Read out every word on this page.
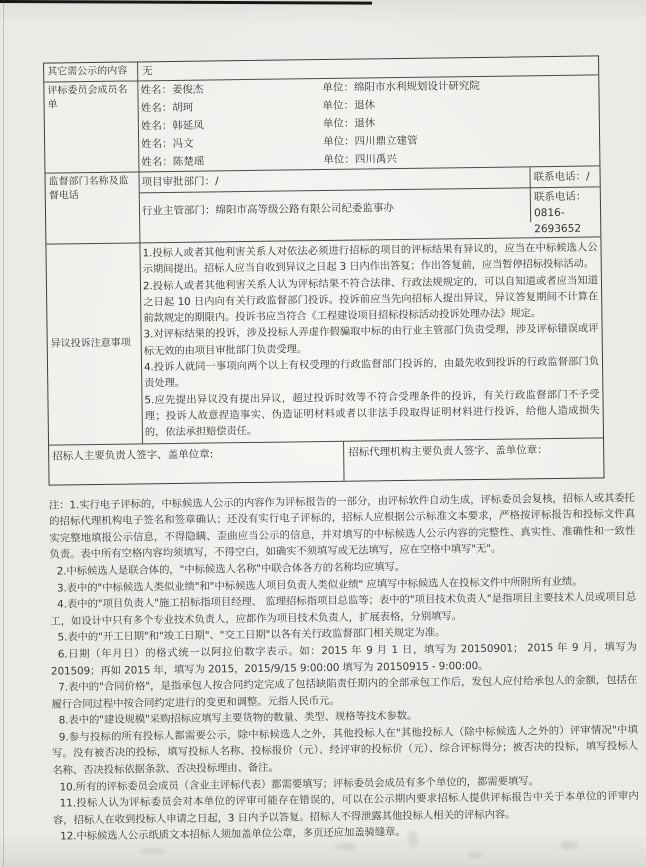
其它需公示的内容	无
评标委员会成员名单
姓名：姜俊杰	单位：绵阳市水利规划设计研究院
姓名：胡珂	单位：退休
姓名：韩延凤	单位：退休
姓名：冯文	单位：四川鼎立建管
姓名：陈楚瑶	单位：四川禹兴
监督部门名称及监督电话
项目审批部门：/	联系电话：/
行业主管部门：绵阳市高等级公路有限公司纪委监事办
联系电话：
0816-2693652
异议投诉注意事项
1.投标人或者其他利害关系人对依法必须进行招标的项目的评标结果有异议的，应当在中标候选人公示期间提出。招标人应当自收到异议之日起 3 日内作出答复；作出答复前，应当暂停招标投标活动。
2.投标人或者其他利害关系人认为评标结果不符合法律、行政法规规定的，可以自知道或者应当知道之日起 10 日内向有关行政监督部门投诉。投诉前应当先向招标人提出异议，异议答复期间不计算在前款规定的期限内。投诉书应当符合《工程建设项目招标投标活动投诉处理办法》规定。
3.对评标结果的投诉，涉及投标人弄虚作假骗取中标的由行业主管部门负责受理，涉及评标错误或评标无效的由项目审批部门负责受理。
4.投诉人就同一事项向两个以上有权受理的行政监督部门投诉的，由最先收到投诉的行政监督部门负责处理。
5.应先提出异议没有提出异议，超过投诉时效等不符合受理条件的投诉，有关行政监督部门不予受理；投诉人故意捏造事实、伪造证明材料或者以非法手段取得证明材料进行投诉，给他人造成损失的，依法承担赔偿责任。
招标人主要负责人签字、盖单位章:	招标代理机构主要负责人签字、盖单位章：

注：1.实行电子评标的，中标候选人公示的内容作为评标报告的一部分，由评标软件自动生成，评标委员会复核，招标人或其委托的招标代理机构电子签名和签章确认；还没有实行电子评标的，招标人应根据公示标准文本要求，严格按评标报告和投标文件真实完整地填报公示信息，不得隐瞒、歪曲应当公示的信息，并对填写的中标候选人公示内容的完整性、真实性、准确性和一致性负责。表中所有空格内容均须填写，不得空白，如确实不须填写或无法填写，应在空格中填写"无"。

2.中标候选人是联合体的，"中标候选人名称"中联合体各方的名称均应填写。

3.表中的"中标候选人类似业绩"和"中标候选人项目负责人类似业绩" 应填写中标候选人在投标文件中所附所有业绩。

4.表中的"项目负责人"施工招标指项目经理、 监理招标指项目总监等；表中的"项目技术负责人"是指项目主要技术人员或项目总工，如设计中只有多个专业技术负责人，应都作为项目技术负责人，扩展表格，分别填写。

5.表中的"开工日期"和"竣工日期"、"交工日期"以各有关行政监督部门相关规定为准。

6.日期（年月日）的格式统一以阿拉伯数字表示。如：2015 年 9 月 1 日，填写为 20150901； 2015 年 9 月，填写为 201509；再如 2015 年，填写为 2015，2015/9/15 9:00:00 填写为 20150915 - 9:00:00。

7.表中的"合同价格"，是指承包人按合同约定完成了包括缺陷责任期内的全部承包工作后，发包人应付给承包人的金额，包括在履行合同过程中按合同约定进行的变更和调整。元指人民币元。

8.表中的"建设规模"采购招标应填写主要货物的数量、类型、规格等技术参数。

9.参与投标的所有投标人都需要公示，除中标候选人之外，其他投标人在"其他投标人（除中标候选人之外的）评审情况"中填写。没有被否决的投标，填写投标人名称、投标报价（元）、经评审的投标价（元）、综合评标得分；被否决的投标，填写投标人名称、否决投标依据条款、否决投标理由、备注。

10.所有的评标委员会成员（含业主评标代表）都需要填写；评标委员会成员有多个单位的，都需要填写。

11.投标人认为评标委员会对本单位的评审可能存在错误的，可以在公示期内要求招标人提供评标报告中关于本单位的评审内容，招标人在收到投标人申请之日起，3 日内予以答复。招标人不得泄露其他投标人相关的评标内容。

12.中标候选人公示纸质文本招标人须加盖单位公章，多页还应加盖骑缝章。
